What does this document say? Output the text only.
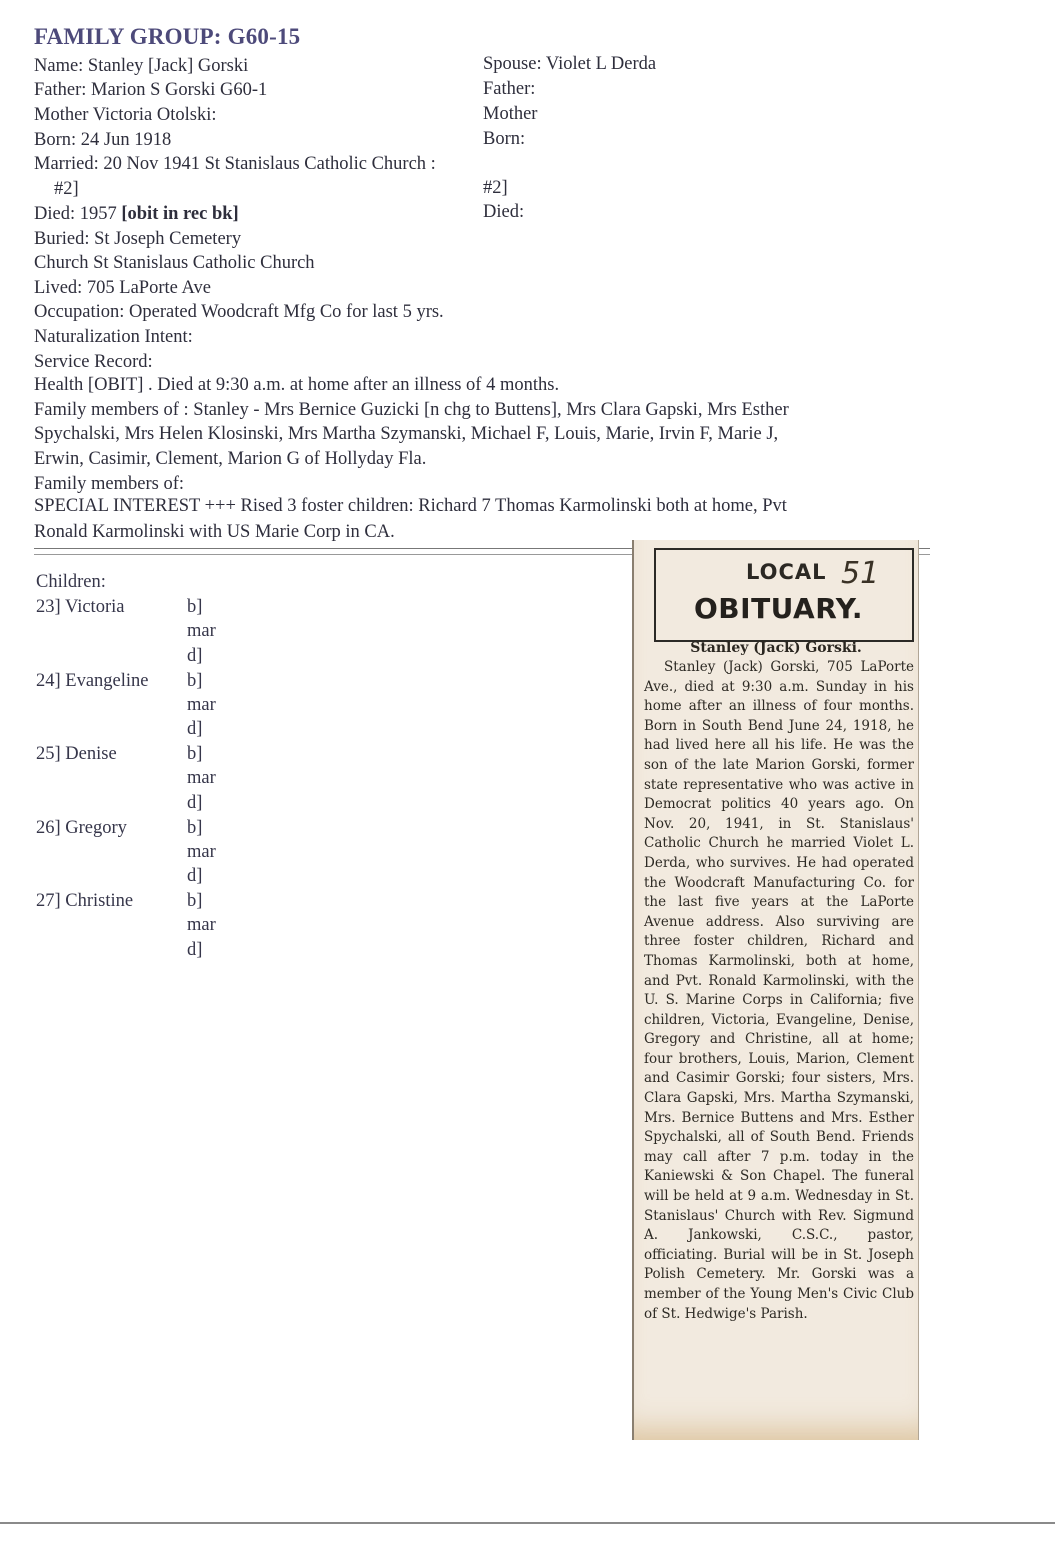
FAMILY GROUP: G60-15
Name: Stanley [Jack] Gorski
Father: Marion S Gorski G60-1
Mother Victoria Otolski:
Born: 24 Jun 1918
Married: 20 Nov 1941 St Stanislaus Catholic Church :
#2]
Died: 1957 [obit in rec bk]
Buried: St Joseph Cemetery
Church St Stanislaus Catholic Church
Lived: 705 LaPorte Ave
Occupation: Operated Woodcraft Mfg Co for last 5 yrs.
Naturalization Intent:
Service Record:
Health [OBIT] . Died at 9:30 a.m. at home after an illness of 4 months.
Family members of : Stanley - Mrs Bernice Guzicki [n chg to Buttens], Mrs Clara Gapski, Mrs Esther
Spychalski, Mrs Helen Klosinski, Mrs Martha Szymanski, Michael F, Louis, Marie, Irvin F, Marie J,
Erwin, Casimir, Clement, Marion G of Hollyday Fla.
Family members of:
SPECIAL INTEREST +++ Rised 3 foster children: Richard 7 Thomas Karmolinski both at home, Pvt
Ronald Karmolinski with US Marie Corp in CA.
Spouse: Violet L Derda
Father:
Mother
Born:
#2]
Died:
Children:
23] Victoria	b]
mar
d]
24] Evangeline b]
mar
d]
25] Denise	b]
mar
d]
26] Gregory	b]
mar
d]
27] Christine	b]
mar
d]
LOCAL 51
OBITUARY.
Stanley (Jack) Gorski.

Stanley (Jack) Gorski, 705 LaPorte Ave., died at 9:30 a.m. Sunday in his home after an illness of four months. Born in South Bend June 24, 1918, he had lived here all his life. He was the son of the late Marion Gorski, former state representative who was active in Democrat politics 40 years ago. On Nov. 20, 1941, in St. Stanislaus' Catholic Church he married Violet L. Derda, who survives. He had operated the Woodcraft Manufacturing Co. for the last five years at the LaPorte Avenue address. Also surviving are three foster children, Richard and Thomas Karmolinski, both at home, and Pvt. Ronald Karmolinski, with the U. S. Marine Corps in California; five children, Victoria, Evangeline, Denise, Gregory and Christine, all at home; four brothers, Louis, Marion, Clement and Casimir Gorski; four sisters, Mrs. Clara Gapski, Mrs. Martha Szymanski, Mrs. Bernice Buttens and Mrs. Esther Spychalski, all of South Bend. Friends may call after 7 p.m. today in the Kaniewski & Son Chapel. The funeral will be held at 9 a.m. Wednesday in St. Stanislaus' Church with Rev. Sigmund A. Jankowski, C.S.C., pastor, officiating. Burial will be in St. Joseph Polish Cemetery. Mr. Gorski was a member of the Young Men's Civic Club of St. Hedwige's Parish.
